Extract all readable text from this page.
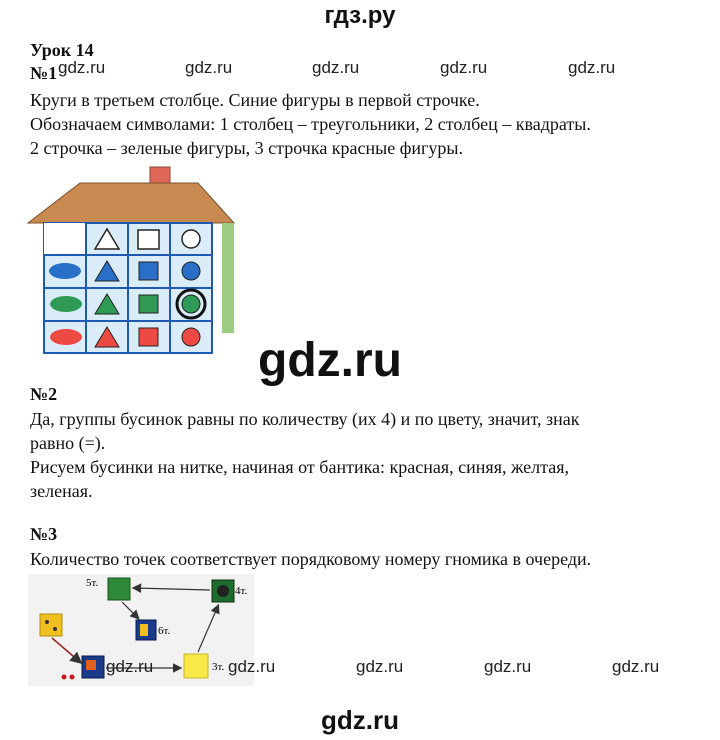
гдз.ру
Урок 14
№1 gdz.ru	gdz.ru	gdz.ru	gdz.ru	gdz.ru
Круги в третьем столбце. Синие фигуры в первой строчке.
Обозначаем символами: 1 столбец – треугольники, 2 столбец – квадраты.
2 строчка – зеленые фигуры, 3 строчка красные фигуры.
gdz.ru
№2
Да, группы бусинок равны по количеству (их 4) и по цвету, значит, знак
равно (=).
Рисуем бусинки на нитке, начиная от бантика: красная, синяя, желтая,
зеленая.
№3
Количество точек соответствует порядковому номеру гномика в очереди.
5т.
4т.
6т.
3т.
gdz.ru	gdz.ru	gdz.ru	gdz.ru	gdz.ru
gdz.ru
